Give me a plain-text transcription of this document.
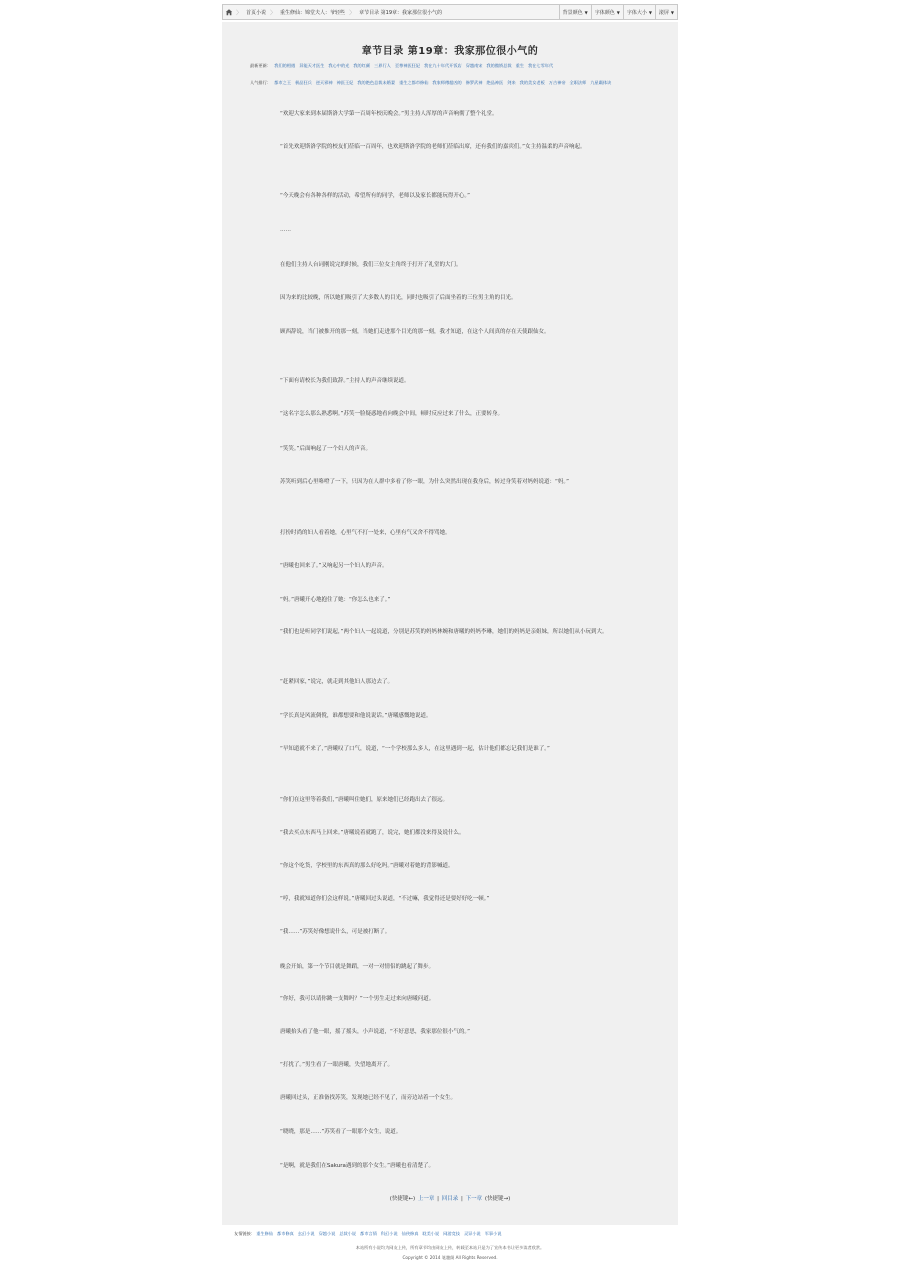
〉 首页小说 〉 重生修仙：锦堂夫人：爷轻些 〉 章节目录 第19章：我家那位很小气的	背景颜色 ▼ 字体颜色 ▼ 字体大小 ▼ 滚屏 ▼
章节目录 第19章：我家那位很小气的
最新更新： 我们的相遇 异能天才医生 我心中的光 我的红颜 三界行人 至尊神医狂妃 我在九十年代开饭店 穿越南宋 我的傲娇总裁 重生 我在七零年代
人气排行： 都市之王 极品狂兵 逆天邪神 神医王妃 我的绝色总裁未婚妻 重生之都市修仙 我家师傅超凶的 修罗武神 绝品神医 剑来 我的美女老板 万古神帝 全职法师 九星霸体诀
“欢迎大家来到本届斯洛大学第一百周年校庆晚会。”男主持人浑厚的声音响彻了整个礼堂。
“首先欢迎斯洛学院的校友们莅临一百周年，也欢迎斯洛学院的老师们莅临出席，还有我们的嘉宾们。”女主持温柔的声音响起。
“今天晚会有各种各样的活动，希望所有的同学，老师以及家长都能玩得开心。”
……
在他们主持人台词刚说完的时候，我们三位女主角终于打开了礼堂的大门。
因为来的比较晚，所以她们吸引了大多数人的目光，同时也吸引了后面坐着的三位男主角的目光。
顾西辞说，当门被推开的那一刻，当她们走进那个目光的那一刻，我才知道，在这个人间真的存在天使跟仙女。
“下面有请校长为我们致辞。”主持人的声音继续说道。
“这名字怎么那么熟悉啊。”苏笑一脸疑惑地看向晚会中间，顿时反应过来了什么，正要转身。
“笑笑。”后面响起了一个妇人的声音。
苏笑听到后心里咯噔了一下，只因为在人群中多看了你一眼，为什么突然出现在我身后，转过身笑着对妈妈说道：“妈。”
打扮时尚的妇人看着她，心里气不打一处来，心里有气又舍不得骂她。
“唐曦也回来了。”又响起另一个妇人的声音。
“妈。”唐曦开心地抱住了她：“你怎么也来了。”
“我们也是听同学们说起，”两个妇人一起说道，分别是苏笑的妈妈林婉和唐曦的妈妈李琳，她们的妈妈是亲姐妹，所以她们从小玩到大。
“赶紧回家，”说完，就走到其他妇人那边去了。
“学长真是风流倜傥，谁都想要和他说说话。”唐曦感慨地说道。
“早知道就不来了，”唐曦叹了口气，说道，“一个学校那么多人，在这里遇到一起，估计他们都忘记我们是谁了。”
“你们在这里等着我们，”唐曦叫住她们，原来她们已经跑出去了很远。
“我去买点东西马上回来。”唐曦说着就跑了，说完，她们都没来得及说什么。
“你这个吃货，学校里的东西真的那么好吃吗。”唐曦对着她的背影喊道。
“哼，我就知道你们会这样说。”唐曦回过头说道，“不过嘛，我觉得还是要好好吃一顿。”
“我……”苏笑好像想说什么，可是被打断了。
晚会开始，第一个节目就是舞蹈，一对一对情侣的跳起了舞步。
“你好，我可以请你跳一支舞吗？”一个男生走过来向唐曦问道。
唐曦抬头看了他一眼，摇了摇头，小声说道，“不好意思，我家那位很小气的。”
“打扰了。”男生看了一眼唐曦，失望地离开了。
唐曦回过头，正准备找苏笑，发现她已经不见了，而旁边站着一个女生。
“晓晓，那是……”苏笑看了一眼那个女生，说道。
“是啊，就是我们在Sakura遇到的那个女生。”唐曦也看清楚了。
(快捷键←) 上一章 | 回目录 | 下一章 (快捷键→)
友情链接： 重生修仙 都市修真 玄幻小说 穿越小说 总裁小说 都市言情 科幻小说 仙侠修真 耽美小说 网游竞技 灵异小说 军事小说
本站所有小说均为网友上传，所有章节均由网友上传，转载至本站只是为了宣传本书让更多读者欣赏。
Copyright © 2014 笔趣阁 All Rights Reserved.
